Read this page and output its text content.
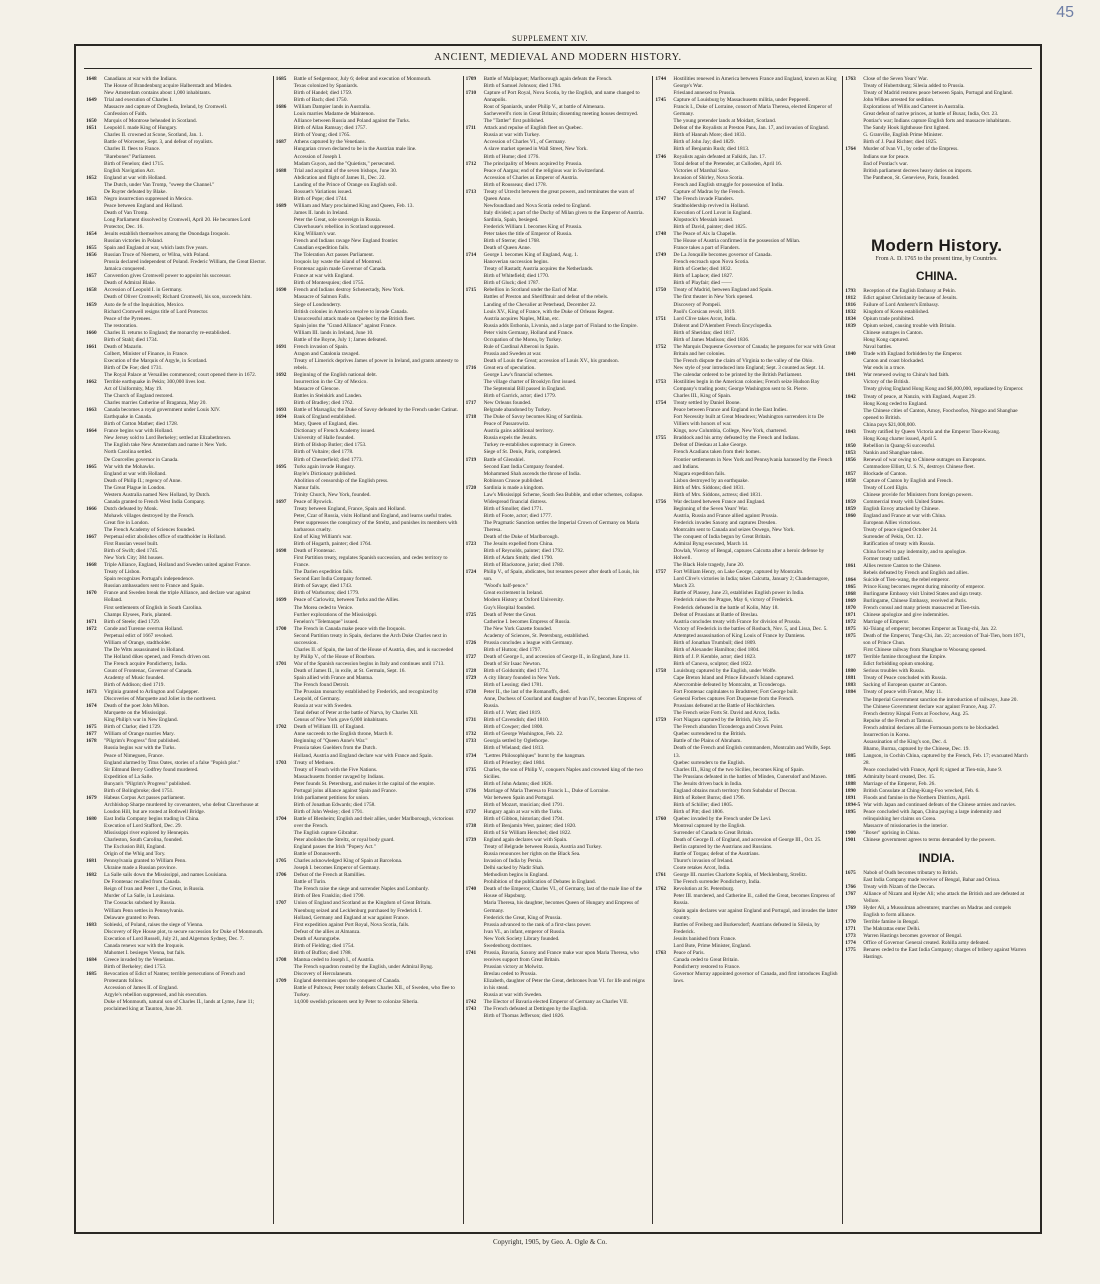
45
SUPPLEMENT XIV.
ANCIENT, MEDIEVAL AND MODERN HISTORY.
1648	Canadians at war with the Indians.
The House of Brandenburg acquire Halberstadt and Minden.
New Amsterdam contains about 1,000 inhabitants.
1649	Trial and execution of Charles I.
Massacre and capture of Drogheda, Ireland, by Cromwell.
Confession of Faith.
1650	Marquis of Montrose beheaded in Scotland.
1651	Leopold I. made King of Hungary.
Charles II. crowned at Scone, Scotland, Jan. 1.
Battle of Worcester, Sept. 3, and defeat of royalists.
Charles II. flees to France.
"Barebones" Parliament.
Birth of Fenelon; died 1715.
English Navigation Act.
1652	England at war with Holland.
The Dutch, under Van Tromp, "sweep the Channel."
De Ruyter defeated by Blake.
1653	Negro insurrection suppressed in Mexico.
Peace between England and Holland.
Death of Van Tromp.
Long Parliament dissolved by Cromwell, April 20. He becomes Lord Protector, Dec. 16.
1654	Jesuits establish themselves among the Onondaga Iroquois.
Russian victories in Poland.
1655	Spain and England at war, which lasts five years.
1656	Russian Truce of Niemetz, or Wilna, with Poland.
Prussia declared independent of Poland. Frederic William, the Great Elector.
Jamaica conquered.
1657	Convention gives Cromwell power to appoint his successor.
Death of Admiral Blake.
1658	Accession of Leopold I. in Germany.
Death of Oliver Cromwell; Richard Cromwell, his son, succeeds him.
1659	Auto de fe of the Inquisition, Mexico.
Richard Cromwell resigns title of Lord Protector.
Peace of the Pyrenees.
The restoration.
1660	Charles II. returns to England; the monarchy re-established.
Birth of Stahl; died 1734.
1661	Death of Mazarin.
Colbert, Minister of Finance, in France.
Execution of the Marquis of Argyle, in Scotland.
Birth of De Foe; died 1731.
The Royal Palace at Versailles commenced; court opened there in 1672.
1662	Terrible earthquake in Pekin; 300,000 lives lost.
Act of Uniformity, May 19.
The Church of England restored.
Charles marries Catherine of Braganza, May 20.
1663	Canada becomes a royal government under Louis XIV.
Earthquake in Canada.
Birth of Cotton Mather; died 1728.
1664	France begins war with Holland.
New Jersey sold to Lord Berkeley; settled at Elizabethtown.
The English take New Amsterdam and name it New York.
North Carolina settled.
De Courcelles governor in Canada.
1665	War with the Mohawks.
England at war with Holland.
Death of Philip II.; regency of Anne.
The Great Plague in London.
Western Australia named New Holland, by Dutch.
Canada granted to French West India Company.
1666	Dutch defeated by Monk.
Mohawk villages destroyed by the French.
Great fire in London.
The French Academy of Sciences founded.
1667	Perpetual edict abolishes office of stadtholder in Holland.
First Russian vessel built.
Birth of Swift; died 1745.
New York City; 384 houses.
1668	Triple Alliance, England, Holland and Sweden united against France.
Treaty of Lisbon.
Spain recognizes Portugal's independence.
Russian ambassadors sent to France and Spain.
1670	France and Sweden break the triple Alliance, and declare war against Holland.
First settlements of English in South Carolina.
Champs Elysees, Paris, planted.
1671	Birth of Steele; died 1729.
1672	Conde and Turenne overrun Holland.
Perpetual edict of 1667 revoked.
William of Orange, stadtholder.
The De Witts assassinated in Holland.
The Holland dikes opened, and French driven out.
The French acquire Pondicherry, India.
Count of Frontenac, Governor of Canada.
Academy of Music founded.
Birth of Addison; died 1719.
1673	Virginia granted to Arlington and Culpepper.
Discoveries of Marquette and Joliet in the northwest.
1674	Death of the poet John Milton.
Marquette on the Mississippi.
King Philip's war in New England.
1675	Birth of Clarke; died 1729.
1677	William of Orange marries Mary.
1678	"Pilgrim's Progress" first published.
Russia begins war with the Turks.
Peace of Nimeguen, France.
England alarmed by Titus Oates, stories of a false "Popish plot."
Sir Edmund Berry Godfrey found murdered.
Expedition of La Salle.
Bunyan's "Pilgrim's Progress" published.
Birth of Bolingbroke; died 1751.
1679	Habeas Corpus Act passes parliament.
Archbishop Sharpe murdered by covenanters, who defeat Claverhouse at Loudon Hill, but are routed at Bothwell Bridge.
1680	East India Company begins trading in China.
Execution of Lord Stafford, Dec. 29.
Mississippi river explored by Hennepin.
Charleston, South Carolina, founded.
The Exclusion Bill, England.
Origin of the Whig and Tory.
1681	Pennsylvania granted to William Penn.
Ukraine made a Russian province.
1682	La Salle sails down the Mississippi, and names Louisiana.
De Frontenac recalled from Canada.
Reign of Ivan and Peter I., the Great, in Russia.
Murder of La Salle, in Louisiana.
The Cossacks subdued by Russia.
William Penn settles in Pennsylvania.
Delaware granted to Penn.
1683	Sobieski, of Poland, raises the siege of Vienna.
Discovery of Rye House plot, to secure succession for Duke of Monmouth.
Execution of Lord Russell, July 21, and Algernon Sydney, Dec. 7.
Canada renews war with the Iroquois.
Mahomet I. besieges Vienna, but fails.
1684	Greece invaded by the Venetians.
Birth of Berkeley; died 1753.
1685	Revocation of Edict of Nantes; terrible persecutions of French and Protestants follow.
Accession of James II. of England.
Argyle's rebellion suppressed, and his execution.
Duke of Monmouth, natural son of Charles II., lands at Lyme, June 11; proclaimed king at Taunton, June 20.
1685	Battle of Sedgemoor, July 6; defeat and execution of Monmouth.
Texas colonized by Spaniards.
Birth of Handel; died 1759.
Birth of Bach; died 1750.
1686	William Dampier lands in Australia.
Louis marries Madame de Maintenon.
Alliance between Russia and Poland against the Turks.
Birth of Allan Ramsay; died 1757.
Birth of Young; died 1765.
1687	Athens captured by the Venetians.
Hungarian crown declared to be in the Austrian male line.
Accession of Joseph I.
Madam Guyon, and the "Quietists," persecuted.
1688	Trial and acquittal of the seven bishops, June 30.
Abdication and flight of James II., Dec. 22.
Landing of the Prince of Orange on English soil.
Bossuet's Variations issued.
Birth of Pope; died 1744.
1689	William and Mary proclaimed King and Queen, Feb. 13.
James II. lands in Ireland.
Peter the Great, sole sovereign in Russia.
Claverhouse's rebellion in Scotland suppressed.
King William's war.
French and Indians ravage New England frontier.
Canadian expedition fails.
The Toleration Act passes Parliament.
Iroquois lay waste the island of Montreal.
Frontenac again made Governor of Canada.
France at war with England.
Birth of Montesquieu; died 1755.
1690	French and Indians destroy Schenectady, New York.
Massacre of Salmon Falls.
Siege of Londonderry.
British colonies in America resolve to invade Canada.
Unsuccessful attack made on Quebec by the British fleet.
Spain joins the "Grand Alliance" against France.
William III. lands in Ireland, June 10.
Battle of the Boyne, July 1; James defeated.
1691	French invasion of Spain.
Aragon and Catalonia ravaged.
Treaty of Limerick deprives James of power in Ireland, and grants amnesty to rebels.
1692	Beginning of the English national debt.
Insurrection in the City of Mexico.
Massacre of Glencoe.
Battles in Steinkirk and Landen.
Birth of Bradley; died 1762.
1693	Battle of Marsaglia; the Duke of Savoy defeated by the French under Catinat.
1694	Bank of England established.
Mary, Queen of England, dies.
Dictionary of French Academy issued.
University of Halle founded.
Birth of Bishop Butler; died 1753.
Birth of Voltaire; died 1778.
Birth of Chesterfield; died 1773.
1695	Turks again invade Hungary.
Bayle's Dictionary published.
Abolition of censorship of the English press.
Namur falls.
Trinity Church, New York, founded.
1697	Peace of Ryswick.
Treaty between England, France, Spain and Holland.
Peter, Czar of Russia, visits Holland and England, and learns useful trades.
Peter suppresses the conspiracy of the Streltz, and punishes its members with barbarous cruelty.
End of King William's war.
Birth of Hogarth, painter; died 1764.
1698	Death of Frontenac.
First Partition treaty, regulates Spanish succession, and cedes territory to France.
The Darien expedition fails.
Second East India Company formed.
Birth of Savage; died 1743.
Birth of Warburton; died 1779.
1699	Peace of Carlowitz, between Turks and the Allies.
The Morea ceded to Venice.
Further explorations of the Mississippi.
Fenelon's "Telemaque" issued.
1700	The French in Canada make peace with the Iroquois.
Second Partition treaty in Spain, declares the Arch Duke Charles next in succession.
Charles II. of Spain, the last of the House of Austria, dies, and is succeeded by Philip V., of the House of Bourbon.
1701	War of the Spanish succession begins in Italy and continues until 1713.
Death of James II., in exile, at St. Germain, Sept. 16.
Spain allied with France and Mantua.
The French found Detroit.
The Prussian monarchy established by Frederick, and recognized by Leopold, of Germany.
Russia at war with Sweden.
Total defeat of Peter at the battle of Narva, by Charles XII.
Census of New York gave 6,000 inhabitants.
1702	Death of William III. of England.
Anne succeeds to the English throne, March 8.
Beginning of "Queen Anne's War."
Prussia takes Guelders from the Dutch.
Holland, Austria and England declare war with France and Spain.
1703	Treaty of Methuen.
Treaty of Freach with the Five Nations.
Massachusetts frontier ravaged by Indians.
Peter founds St. Petersburg, and makes it the capital of the empire.
Portugal joins alliance against Spain and France.
Irish parliament petitions for union.
Birth of Jonathan Edwards; died 1758.
Birth of John Wesley; died 1791.
1704	Battle of Blenheim; English and their allies, under Marlborough, victorious over the French.
The English capture Gibraltar.
Peter abolishes the Streltz, or royal body guard.
England passes the Irish "Popery Act."
Battle of Donauwerth.
1705	Charles acknowledged King of Spain at Barcelona.
Joseph I. becomes Emperor of Germany.
1706	Defeat of the French at Ramillies.
Battle of Turin.
The French raise the siege and surrender Naples and Lombardy.
Birth of Ben Franklin; died 1790.
1707	Union of England and Scotland as the Kingdom of Great Britain.
Nuenburg seized and Lecklenburg purchased by Frederick I.
Holland, Germany and England at war against France.
First expedition against Port Royal, Nova Scotia, fails.
Defeat of the allies at Almanza.
Death of Aurungzebe.
Birth of Fielding; died 1754.
Birth of Buffon; died 1788.
1708	Mantua ceded to Joseph I., of Austria.
The French squadron routed by the English, under Admiral Byng.
Discovery of Herculaneum.
1709	England determines upon the conquest of Canada.
Battle of Pultowa; Peter totally defeats Charles XII., of Sweden, who flee to Turkey.
14,000 swedish prisoners sent by Peter to colonize Siberia.
1709	Battle of Malplaquet; Marlborough again defeats the French.
Birth of Samuel Johnson; died 1784.
1710	Capture of Port Royal, Nova Scotia, by the English, and name changed to Annapolis.
Rout of Spaniards, under Philip V., at battle of Almenara.
Sacheverell's riots in Great Britain; dissenting meeting houses destroyed.
The "Tattler" first published.
1711	Attack and repulse of English fleet on Quebec.
Russia at war with Turkey.
Accession of Charles VI., of Germany.
A slave market opened in Wall Street, New York.
Birth of Hume; died 1776.
1712	The principality of Meurs acquired by Prussia.
Peace of Aargau; end of the religious war in Switzerland.
Accession of Charles as Emperor of Austria.
Birth of Rousseau; died 1778.
1713	Treaty of Utrecht between the great powers, and terminates the wars of Queen Anne.
Newfoundland and Nova Scotia ceded to England.
Italy divided; a part of the Duchy of Milan given to the Emperor of Austria.
Sardinia, Spain, besieged.
Frederick William I. becomes King of Prussia.
Peter takes the title of Emperor of Russia.
Birth of Sterne; died 1768.
Death of Queen Anne.
1714	George I. becomes King of England, Aug. 1.
Hanoverian succession begins.
Treaty of Rastadt; Austria acquires the Netherlands.
Birth of Whitefield; died 1770.
Birth of Gluck; died 1787.
1715	Rebellion in Scotland under the Earl of Mar.
Battles of Preston and Sheriffmuir and defeat of the rebels.
Landing of the Chevalier at Peterhead, December 22.
Louis XV., King of France, with the Duke of Orleans Regent.
Austria acquires Naples, Milan, etc.
Russia adds Esthonia, Livonia, and a large part of Finland to the Empire.
Peter visits Germany, Holland and France.
Occupation of the Morea, by Turkey.
Rule of Cardinal Alberoni in Spain.
Prussia and Sweden at war.
Death of Louis the Great; accession of Louis XV., his grandson.
1716	Great era of speculation.
George Law's financial schemes.
The village charter of Brooklyn first issued.
The Septennial Bill passed in England.
Birth of Garrick, actor; died 1779.
1717	New Orleans founded.
Belgrade abandoned by Turkey.
1718	The Duke of Savoy becomes King of Sardinia.
Peace of Passarowitz.
Austria gains additional territory.
Russia expels the Jesuits.
Turkey re-establishes supremacy in Greece.
Siege of St. Denis, Paris, completed.
1719	Battle of Glenshiel.
Second East India Company founded.
Mohammed Shah ascends the throne of India.
Robinson Crusoe published.
1720	Sardinia is made a kingdom.
Law's Mississippi Scheme, South Sea Bubble, and other schemes, collapse.
Widespread financial distress.
Birth of Smollet; died 1771.
Birth of Foote, actor; died 1777.
The Pragmatic Sanction settles the Imperial Crown of Germany on Maria Theresa.
Death of the Duke of Marlborough.
1723	The Jesuits expelled from China.
Birth of Reynolds, painter; died 1792.
Birth of Adam Smith; died 1790.
Birth of Blackstone, jurist; died 1780.
1724	Philip V., of Spain, abdicates, but resumes power after death of Louis, his son.
"Wood's half-pence."
Great excitement in Ireland.
Modern History at Oxford University.
Guy's Hospital founded.
1725	Death of Peter the Great.
Catherine I. becomes Empress of Russia.
The New York Gazette founded.
Academy of Sciences, St. Petersburg, established.
1726	Prussia concludes a league with Germany.
Birth of Hutton; died 1797.
1727	Death of George I., and accession of George II., in England, June 11.
Death of Sir Isaac Newton.
1728	Birth of Goldsmith; died 1774.
1729	A city library founded in New York.
Birth of Lessing; died 1781.
1730	Peter II., the last of the Romanoffs, died.
Anne, Duchess of Courland and daughter of Ivan IV., becomes Empress of Russia.
Birth of J. Watt; died 1819.
1731	Birth of Cavendish; died 1810.
Birth of Cowper; died 1800.
1732	Birth of George Washington, Feb. 22.
1733	Georgia settled by Oglethorpe.
Birth of Wieland; died 1813.
1734	"Lettres Philosophiques" burnt by the hangman.
Birth of Priestley; died 1804.
1735	Charles, the son of Philip V., conquers Naples and crowned king of the two Sicilies.
Birth of John Adams; died 1826.
1736	Marriage of Maria Theresa to Francis L., Duke of Lorraine.
War between Spain and Portugal.
Birth of Mozart, musician; died 1791.
1737	Hungary again at war with the Turks.
Birth of Gibbon, historian; died 1794.
1738	Birth of Benjamin West, painter; died 1820.
Birth of Sir William Herschel; died 1822.
1739	England again declares war with Spain.
Treaty of Belgrade between Russia, Austria and Turkey.
Russia renounces her rights on the Black Sea.
Invasion of India by Persia.
Delhi sacked by Nadir Shah.
Methodism begins in England.
Prohibition of the publication of Debates in England.
1740	Death of the Emperor, Charles VI., of Germany, last of the male line of the House of Hapsburg.
Maria Theresa, his daughter, becomes Queen of Hungary and Empress of Germany.
Frederick the Great, King of Prussia.
Prussia advanced to the rank of a first-class power.
Ivan VI., an infant, emperor of Russia.
New York Society Library founded.
Swedenborg doctrines.
1741	Prussia, Bavaria, Saxony and France make war upon Maria Theresa, who receives support from Great Britain.
Prussian victory at Molwitz.
Breslau ceded to Prussia.
Elizabeth, daughter of Peter the Great, dethrones Ivan VI. for life and reigns in his stead.
Russia at war with Sweden.
1742	The Elector of Bavaria elected Emperor of Germany as Charles VII.
1743	The French defeated at Dettingen by the English.
Birth of Thomas Jefferson; died 1826.
1744	Hostilities renewed in America between France and England, known as King George's War.
Friesland annexed to Prussia.
1745	Capture of Louisburg by Massachusetts militia, under Pepperell.
Francis I., Duke of Lorraine, consort of Maria Theresa, elected Emperor of Germany.
The young pretender lands at Moidart, Scotland.
Defeat of the Royalists at Preston Pans, Jan. 17, and invasion of England.
Birth of Hannah More; died 1833.
Birth of John Jay; died 1829.
Birth of Benjamin Rush; died 1813.
1746	Royalists again defeated at Falkirk, Jan. 17.
Total defeat of the Pretender, at Culloden, April 16.
Victories of Marshal Saxe.
Invasion of Shirley, Nova Scotia.
French and English struggle for possession of India.
Capture of Madras by the French.
1747	The French invade Flanders.
Stadtholdership revived in Holland.
Execution of Lord Lovat in England.
Klopstock's Messiah issued.
Birth of David, painter; died 1825.
1748	The Peace of Aix la Chapelle.
The House of Austria confirmed in the possession of Milan.
France takes a part of Flanders.
1749	De La Jonquille becomes governor of Canada.
French encroach upon Nova Scotia.
Birth of Goethe; died 1832.
Birth of Laplace; died 1827.
Birth of Playfair; died ——
1750	Treaty of Madrid, between England and Spain.
The first theater in New York opened.
Discovery of Pompeii.
Paoli's Corsican revolt, 1819.
1751	Lord Clive takes Arcot, India.
Diderot and D'Alembert French Encyclopedia.
Birth of Sheridan; died 1817.
Birth of James Madison; died 1836.
1752	The Marquis Duquesne Governor of Canada; he prepares for war with Great Britain and her colonies.
The French dispute the claim of Virginia to the valley of the Ohio.
New style of year introduced into England; Sept. 3 counted as Sept. 14.
The calendar ordered to be printed by the British Parliament.
1753	Hostilities begin in the American colonies; French seize Hudson Bay Company's trading posts; George Washington sent to St. Pierre.
Charles III., King of Spain.
1754	Treaty settled by Daniel Boone.
Peace between France and England in the East Indies.
Fort Necessity built at Great Meadows; Washington surrenders it to De Villiers with honors of war.
Kings, now Columbia, College, New York, chartered.
1755	Braddock and his army defeated by the French and Indians.
Defeat of Dieskau at Lake George.
French Acadians taken from their homes.
Frontier settlements in New York and Pennsylvania harassed by the French and Indians.
Niagara expedition fails.
Lisbon destroyed by an earthquake.
Birth of Mrs. Siddons; died 1831.
Birth of Mrs. Siddons, actress; died 1831.
1756	War declared between France and England.
Beginning of the Seven Years' War.
Austria, Russia and France allied against Prussia.
Frederick invades Saxony and captures Dresden.
Montcalm sent to Canada and seizes Oswego, New York.
The conquest of India begun by Great Britain.
Admiral Byng executed, March 14.
Dowlah, Viceroy of Bengal, captures Calcutta after a heroic defense by Holwell.
The Black Hole tragedy, June 20.
1757	Fort William Henry, on Lake George, captured by Montcalm.
Lord Clive's victories in India; takes Calcutta, January 2; Chandernagore, March 23.
Battle of Plassey, June 23, establishes English power in India.
Frederick raises the Prague, May 6, victory of Frederick.
Frederick defeated in the battle of Kolin, May 18.
Defeat of Prussians at Battle of Breslau.
Austria concludes treaty with France for division of Prussia.
Victory of Frederick in the battles of Rosbach, Nov. 5, and Lissa, Dec. 5.
Attempted assassination of King Louis of France by Damiens.
Birth of Jonathan Trumbull; died 1809.
Birth of Alexander Hamilton; died 1804.
Birth of J. P. Kemble, actor; died 1823.
Birth of Canova, sculptor; died 1822.
1758	Louisburg captured by the English, under Wolfe.
Cape Breton Island and Prince Edward's Island captured.
Abercrombie defeated by Montcalm, at Ticonderoga.
Fort Frontenac capitulates to Bradstreet; Fort George built.
General Forbes captures Fort Duquesne from the French.
Prussians defeated at the Battle of Hochkirchen.
The French seize Forts St. David and Arcot, India.
1759	Fort Niagara captured by the British, July 25.
The French abandon Ticonderoga and Crown Point.
Quebec surrendered to the British.
Battle of the Plains of Abraham.
Death of the French and English commanders, Montcalm and Wolfe, Sept. 13.
Quebec surrenders to the English.
Charles III., King of the two Sicilies, becomes King of Spain.
The Prussians defeated in the battles of Minden, Cunersdorf and Maxen.
The Jesuits driven back in India.
England obtains much territory from Subahdar of Deccan.
Birth of Robert Burns; died 1796.
Birth of Schiller; died 1805.
Birth of Pitt; died 1806.
1760	Quebec invaded by the French under De Levi.
Montreal captured by the English.
Surrender of Canada to Great Britain.
Death of George II. of England, and accession of George III., Oct. 25.
Berlin captured by the Austrians and Russians.
Battle of Torgau; defeat of the Austrians.
Thurot's invasion of Ireland.
Coote retakes Arcot, India.
1761	George III. marries Charlotte Sophia, of Mecklenburg, Strelitz.
The French surrender Pondicherry, India.
1762	Revolution at St. Petersburg.
Peter III. murdered, and Catherine II., called the Great, becomes Empress of Russia.
Spain again declares war against England and Portugal, and invades the latter country.
Battles of Freiberg and Burkersdorf; Austrians defeated in Silesia, by Frederick.
Jesuits banished from France.
Lord Bute, Prime Minister, England.
1763	Peace of Paris.
Canada ceded to Great Britain.
Pondicherry restored to France.
Governor Murray appointed governor of Canada, and first introduces English laws.
1763	Close of the Seven Years' War.
Treaty of Hubertsburg; Silesia added to Prussia.
Treaty of Madrid restores peace between Spain, Portugal and England.
John Wilkes arrested for sedition.
Explorations of Willis and Carteret in Australia.
Great defeat of native princes, at battle of Buxar, India, Oct. 23.
Pontiac's war; Indians capture English forts and massacre inhabitants.
The Sandy Hook lighthouse first lighted.
G. Granville, English Prime Minister.
Birth of J. Paul Richter; died 1825.
1764	Murder of Ivan VI., by order of the Empress.
Indians sue for peace.
End of Pontiac's war.
British parliament decrees heavy duties on imports.
The Pantheon, St. Genevieve, Paris, founded.
Modern History.
From A. D. 1765 to the present time, by Countries.
CHINA.
1793	Reception of the English Embassy at Pekin.
1812	Edict against Christianity because of Jesuits.
1816	Failure of Lord Amherst's Embassy.
1832	Kingdom of Korea established.
1834	Opium trade prohibited.
1839	Opium seized, causing trouble with Britain.
Chinese outrages in Canton.
Hong Kong captured.
Naval battles.
1840	Trade with England forbidden by the Emperor.
Canton and coast blockaded.
War ends in a truce.
1841	War renewed owing to China's bad faith.
Victory of the British.
Treaty giving England Hong Kong and $6,000,000, repudiated by Emperor.
1842	Treaty of peace, at Nanzin, with England, August 29.
Hong Kong ceded to England.
The Chinese cities of Canton, Amoy, Foochoofoo, Ningpo and Shanghae opened to British.
China pays $21,000,000.
1843	Treaty ratified by Queen Victoria and the Emperor Taou-Kwang.
Hong Kong charter issued, April 5.
1850	Rebellion in Quang-Si successful.
1853	Nankin and Shanghae taken.
1856	Renewal of war owing to Chinese outrages on Europeans.
Commodore Elliott, U. S. N., destroys Chinese fleet.
1857	Blockade of Canton.
1858	Capture of Canton by English and French.
Treaty of Lord Elgin.
Chinese provide for Ministers from foreign powers.
1859	Commercial treaty with United States.
1859	English Envoy attacked by Chinese.
1860	England and France at war with China.
European Allies victorious.
Treaty of peace signed October 24.
Surrender of Pekin, Oct. 12.
Ratification of treaty with Russia.
China forced to pay indemnity, and to apologize.
Former treaty ratified.
1861	Allies restore Canton to the Chinese.
Rebels defeated by French and English and allies.
1864	Suicide of Tien-wang, the rebel emperor.
1865	Prince Kung becomes regent during minority of emperor.
1868	Burlingame Embassy visit United States and sign treaty.
1869	Burlingame, Chinese Embassy, received at Paris.
1870	French consul and many priests massacred at Tien-tsin.
1871	Chinese apologize and give indemnities.
1872	Marriage of Emperor.
1875	Ki-Tsiang of emperor; becomes Emperor as Tsung-chi, Jan. 22.
1875	Death of the Emperor, Tung-Chi, Jan. 22; accession of Tsai-Tien, born 1871, son of Prince Chun.
First Chinese railway from Shanghae to Woosung opened.
1877	Terrible famine throughout the Empire.
Edict forbidding opium smoking.
1880	Serious troubles with Russia.
1881	Treaty of Peace concluded with Russia.
1883	Sacking of European quarter at Canton.
1884	Treaty of peace with France, May 11.
The Imperial Government sanction the introduction of railways, June 20.
The Chinese Government declare war against France, Aug. 27.
French destroy Kinpai Forts at Foochow, Aug. 25.
Repulse of the French at Tamsui.
French admiral declares all the Formosan ports to be blockaded.
Insurrection in Korea.
Assassination of the King's son, Dec. 4.
Bhamo, Burma, captured by the Chinese, Dec. 19.
1885	Langson, in Cochin China, captured by the French, Feb. 17; evacuated March 28.
Peace concluded with France, April 8; signed at Tien-tsin, June 9.
1885	Admiralty board created, Dec. 15.
1888	Marriage of the Emperor, Feb. 26.
1890	British Consulate at Ching-Kung-Foo wrecked, Feb. 6.
1891	Floods and famine in the Northern Districts, April.
1894-5 War with Japan and continued defeats of the Chinese armies and navies.
1895	Peace concluded with Japan, China paying a large indemnity and relinquishing her claims on Corea.
Massacre of missionaries in the interior.
1900	"Boxer" uprising in China.
1901	Chinese government agrees to terms demanded by the powers.
INDIA.
1675	Nabob of Oudh becomes tributary to British.
East India Company made receiver of Bengal, Bahar and Orissa.
1766	Treaty with Nizam of the Deccan.
1767	Alliance of Nizam and Hyder Ali; who attack the British and are defeated at Vellore.
1769	Hyder Ali, a Mussulman adventurer, marches on Madras and compels English to form alliance.
1770	Terrible famine in Bengal.
1771	The Mahrattas enter Delhi.
1773	Warren Hastings becomes governor of Bengal.
1774	Office of Governor General created. Rohilla army defeated.
1775	Benares ceded to the East India Company; charges of bribery against Warren Hastings.
Copyright, 1905, by Geo. A. Ogle & Co.
